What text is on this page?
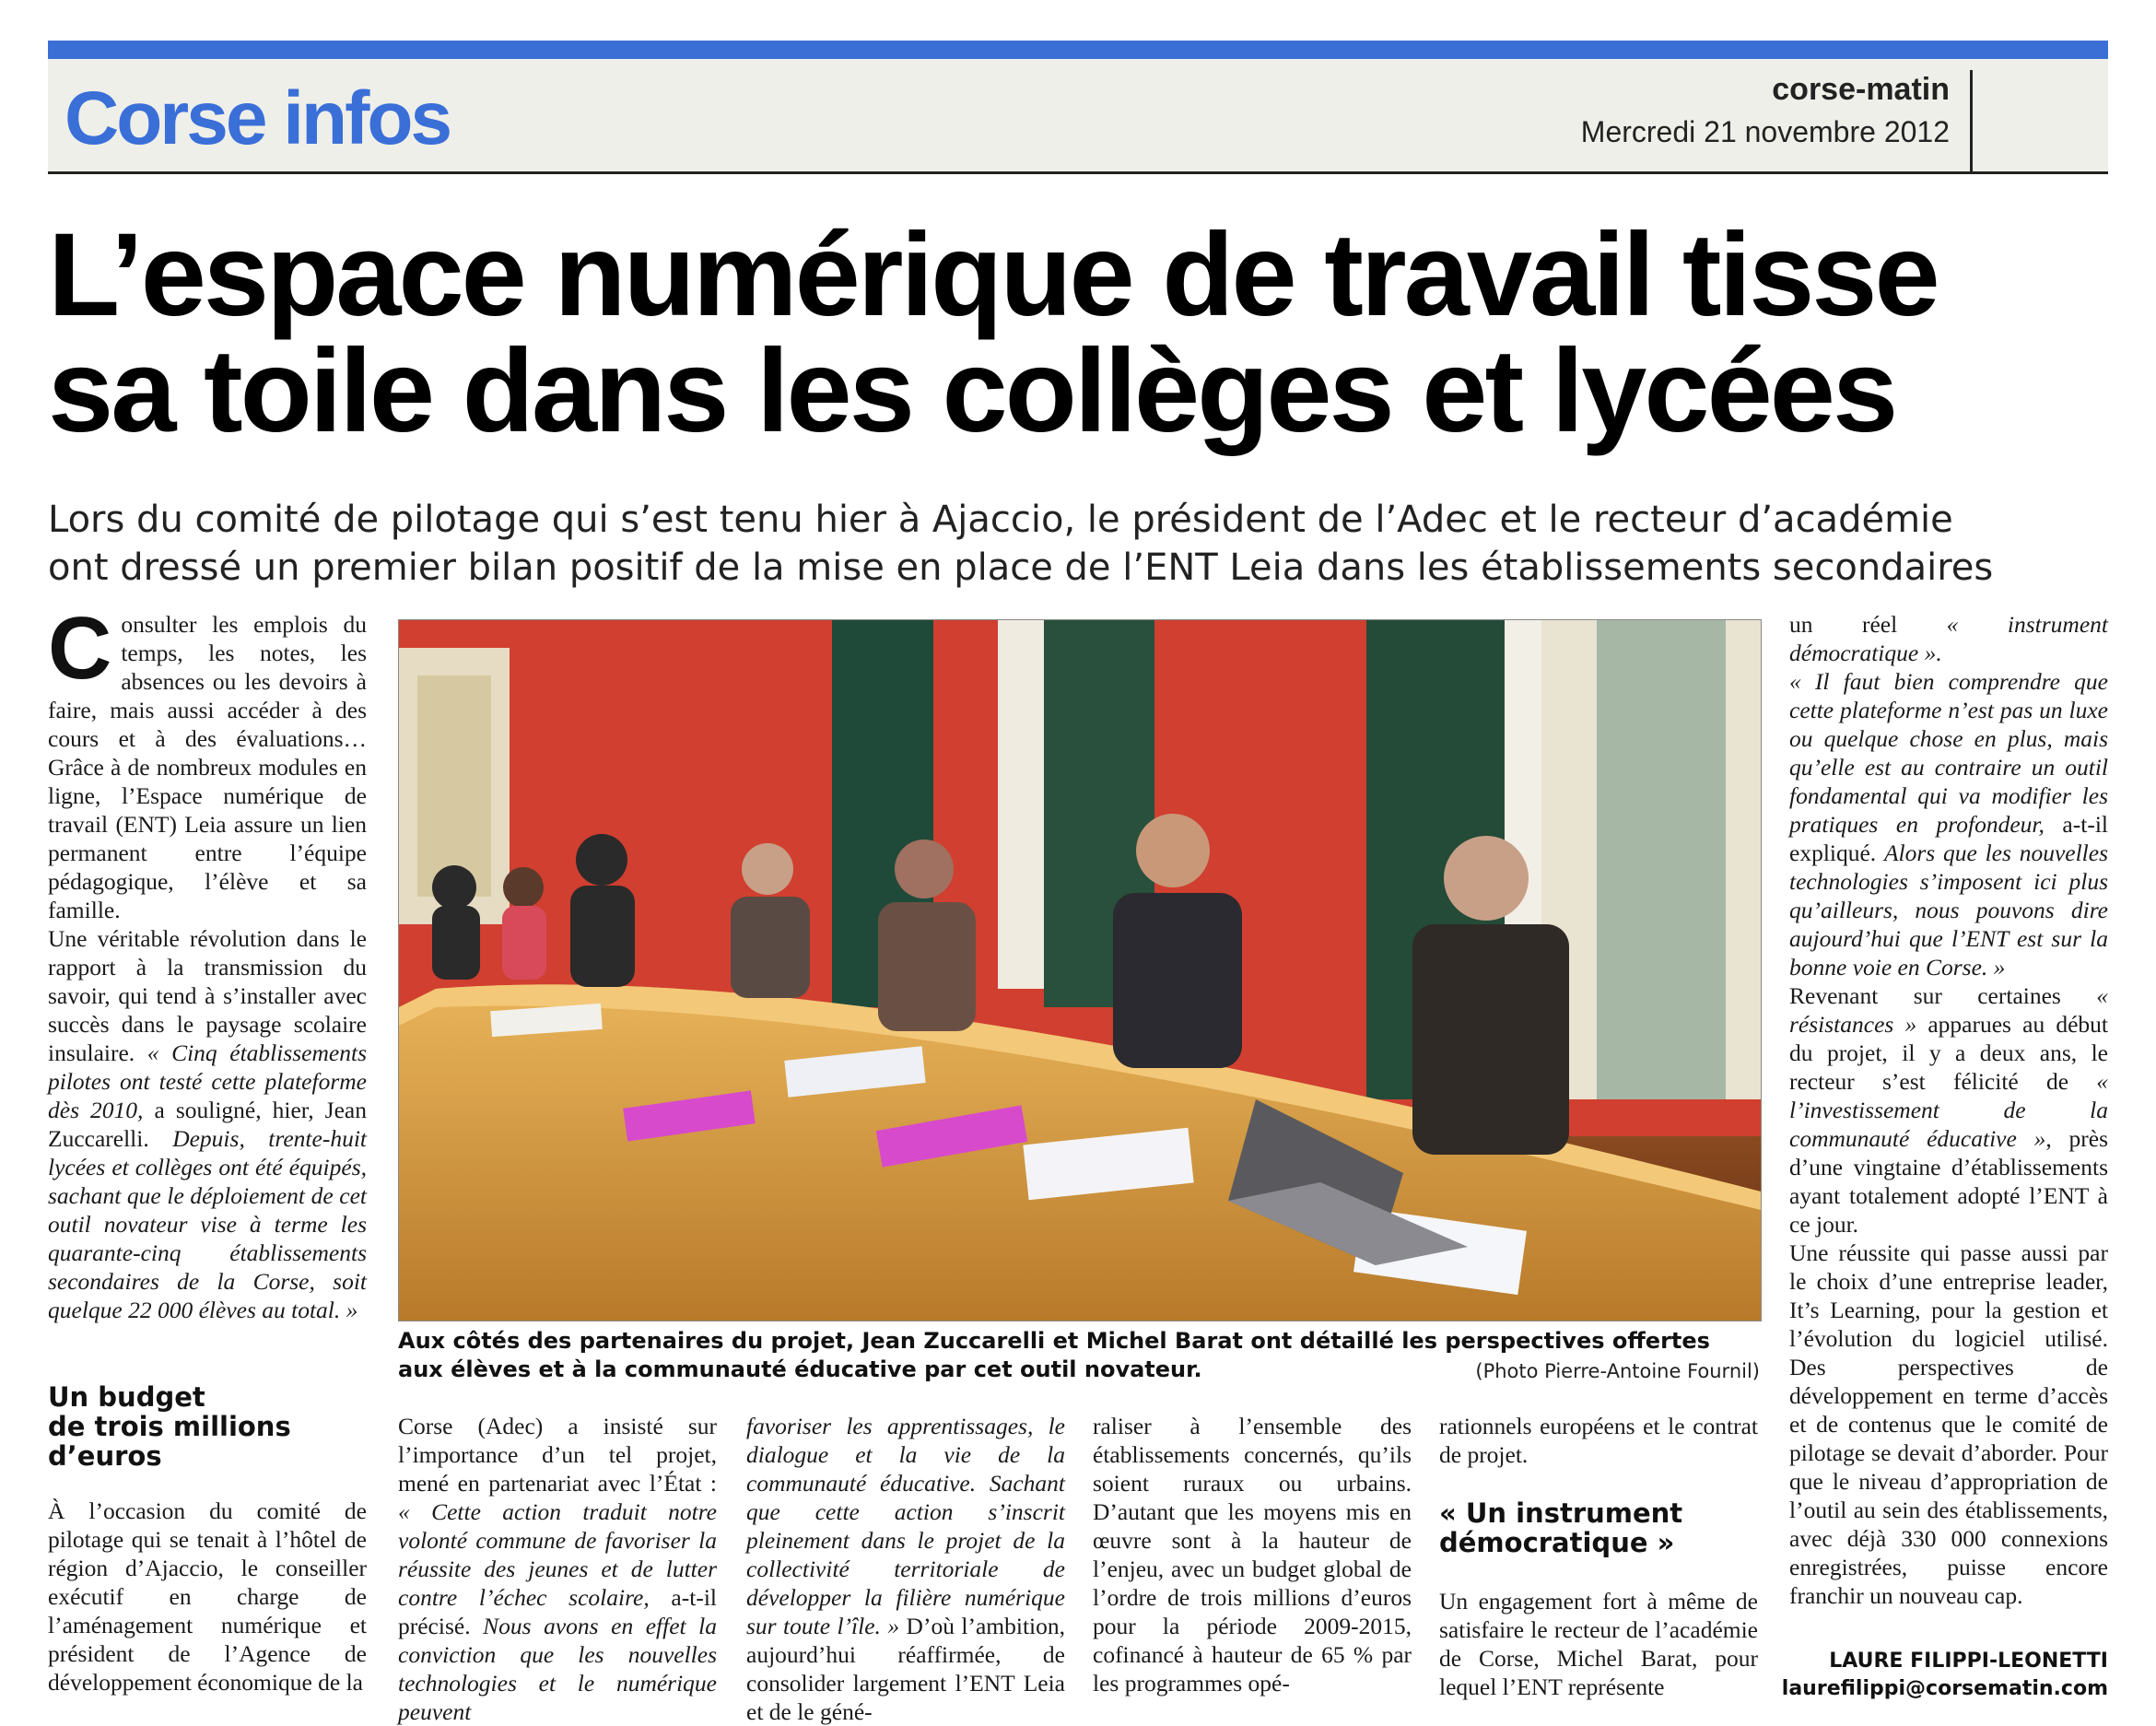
Corse infos	corse-matin
Mercredi 21 novembre 2012
L’espace numérique de travail tisse
sa toile dans les collèges et lycées
Lors du comité de pilotage qui s’est tenu hier à Ajaccio, le président de l’Adec et le recteur d’académie
ont dressé un premier bilan positif de la mise en place de l’ENT Leia dans les établissements secondaires

Consulter les emplois du temps, les notes, les absences ou les devoirs à faire, mais aussi accéder à des cours et à des évaluations… Grâce à de nombreux modules en ligne, l’Espace numérique de travail (ENT) Leia assure un lien permanent entre l’équipe pédagogique, l’élève et sa famille.

Une véritable révolution dans le rapport à la transmission du savoir, qui tend à s’installer avec succès dans le paysage scolaire insulaire. « Cinq établissements pilotes ont testé cette plateforme dès 2010, a souligné, hier, Jean Zuccarelli. Depuis, trente-huit lycées et collèges ont été équipés, sachant que le déploiement de cet outil novateur vise à terme les quarante-cinq établissements secondaires de la Corse, soit quelque 22 000 élèves au total. »

Un budget
de trois millions
d’euros

À l’occasion du comité de pilotage qui se tenait à l’hôtel de région d’Ajaccio, le conseiller exécutif en charge de l’aménagement numérique et président de l’Agence de développement économique de la

Aux côtés des partenaires du projet, Jean Zuccarelli et Michel Barat ont détaillé les perspectives offertes aux élèves et à la communauté éducative par cet outil novateur.	(Photo Pierre-Antoine Fournil)

Corse (Adec) a insisté sur l’importance d’un tel projet, mené en partenariat avec l’État : « Cette action traduit notre volonté commune de favoriser la réussite des jeunes et de lutter contre l’échec scolaire, a-t-il précisé. Nous avons en effet la conviction que les nouvelles technologies et le numérique peuvent

favoriser les apprentissages, le dialogue et la vie de la communauté éducative. Sachant que cette action s’inscrit pleinement dans le projet de la collectivité territoriale de développer la filière numérique sur toute l’île. » D’où l’ambition, aujourd’hui réaffirmée, de consolider largement l’ENT Leia et de le géné-

raliser à l’ensemble des établissements concernés, qu’ils soient ruraux ou urbains. D’autant que les moyens mis en œuvre sont à la hauteur de l’enjeu, avec un budget global de l’ordre de trois millions d’euros pour la période 2009-2015, cofinancé à hauteur de 65 % par les programmes opé-

rationnels européens et le contrat de projet.

« Un instrument
démocratique »

Un engagement fort à même de satisfaire le recteur de l’académie de Corse, Michel Barat, pour lequel l’ENT représente

un réel « instrument démocratique ».

« Il faut bien comprendre que cette plateforme n’est pas un luxe ou quelque chose en plus, mais qu’elle est au contraire un outil fondamental qui va modifier les pratiques en profondeur, a-t-il expliqué. Alors que les nouvelles technologies s’imposent ici plus qu’ailleurs, nous pouvons dire aujourd’hui que l’ENT est sur la bonne voie en Corse. »

Revenant sur certaines « résistances » apparues au début du projet, il y a deux ans, le recteur s’est félicité de « l’investissement de la communauté éducative », près d’une vingtaine d’établissements ayant totalement adopté l’ENT à ce jour.

Une réussite qui passe aussi par le choix d’une entreprise leader, It’s Learning, pour la gestion et l’évolution du logiciel utilisé. Des perspectives de développement en terme d’accès et de contenus que le comité de pilotage se devait d’aborder. Pour que le niveau d’appropriation de l’outil au sein des établissements, avec déjà 330 000 connexions enregistrées, puisse encore franchir un nouveau cap.

LAURE FILIPPI-LEONETTI
laurefilippi@corsematin.com
